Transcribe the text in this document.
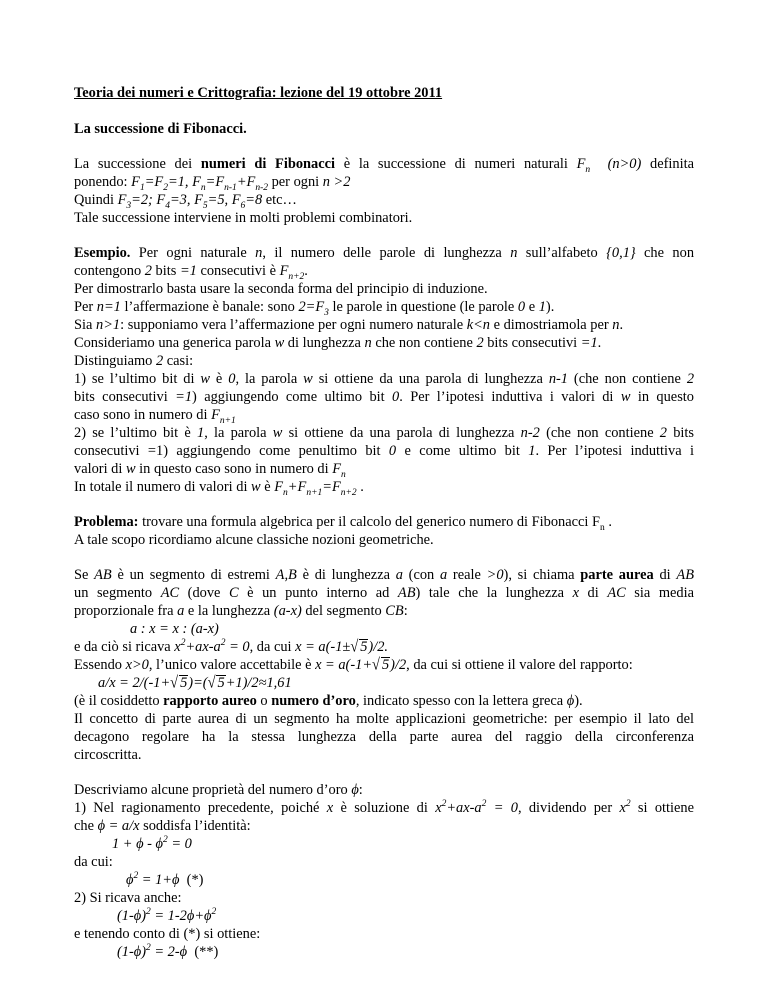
Teoria dei numeri e Crittografia: lezione del 19 ottobre 2011
La successione di Fibonacci.
La successione dei numeri di Fibonacci è la successione di numeri naturali $F_n$ (n>0) definita
ponendo: $F_1=F_2=1$, $F_n=F_{n-1}+F_{n-2}$ per ogni n >2
Quindi $F_3=2$; $F_4=3$, $F_5=5$, $F_6=8$ etc…
Tale successione interviene in molti problemi combinatori.
Esempio. Per ogni naturale n, il numero delle parole di lunghezza n sull’alfabeto {0,1} che non
contengono 2 bits =1 consecutivi è $F_{n+2}$.
Per dimostrarlo basta usare la seconda forma del principio di induzione.
Per n=1 l’affermazione è banale: sono $2=F_3$ le parole in questione (le parole 0 e 1).
Sia n>1: supponiamo vera l’affermazione per ogni numero naturale k<n e dimostriamola per n.
Consideriamo una generica parola w di lunghezza n che non contiene 2 bits consecutivi =1.
Distinguiamo 2 casi:
1) se l’ultimo bit di w è 0, la parola w si ottiene da una parola di lunghezza n-1 (che non contiene 2
bits consecutivi =1) aggiungendo come ultimo bit 0. Per l’ipotesi induttiva i valori di w in questo
caso sono in numero di $F_{n+1}$
2) se l’ultimo bit è 1, la parola w si ottiene da una parola di lunghezza n-2 (che non contiene 2 bits
consecutivi =1) aggiungendo come penultimo bit 0 e come ultimo bit 1. Per l’ipotesi induttiva i
valori di w in questo caso sono in numero di $F_n$
In totale il numero di valori di w è $F_n+F_{n+1}=F_{n+2}$ .
Problema: trovare una formula algebrica per il calcolo del generico numero di Fibonacci $F_n$ .
A tale scopo ricordiamo alcune classiche nozioni geometriche.
Se AB è un segmento di estremi A,B è di lunghezza a (con a reale >0), si chiama parte aurea di AB
un segmento AC (dove C è un punto interno ad AB) tale che la lunghezza x di AC sia media
proporzionale fra a e la lunghezza (a-x) del segmento CB:
a : x = x : (a-x)
e da ciò si ricava $x^2+ax-a^2 = 0$, da cui x = a(-1±√ 5)/2.
Essendo x>0, l’unico valore accettabile è x = a(-1+√ 5)/2, da cui si ottiene il valore del rapporto:
a/x = 2/(-1+√ 5)=(√ 5+1)/2≈1,61
(è il cosiddetto rapporto aureo o numero d’oro, indicato spesso con la lettera greca ϕ).
Il concetto di parte aurea di un segmento ha molte applicazioni geometriche: per esempio il lato del
decagono regolare ha la stessa lunghezza della parte aurea del raggio della circonferenza
circoscritta.
Descriviamo alcune proprietà del numero d’oro ϕ:
1) Nel ragionamento precedente, poiché x è soluzione di $x^2+ax-a^2 = 0$, dividendo per $x^2$ si ottiene
che ϕ = a/x soddisfa l’identità:
$1 + \phi - \phi^2 = 0$
da cui:
$\phi^2 = 1+\phi$  (*)
2) Si ricava anche:
$(1-\phi)^2 = 1-2\phi+\phi^2$
e tenendo conto di (*) si ottiene:
$(1-\phi)^2 = 2-\phi$  (**)
